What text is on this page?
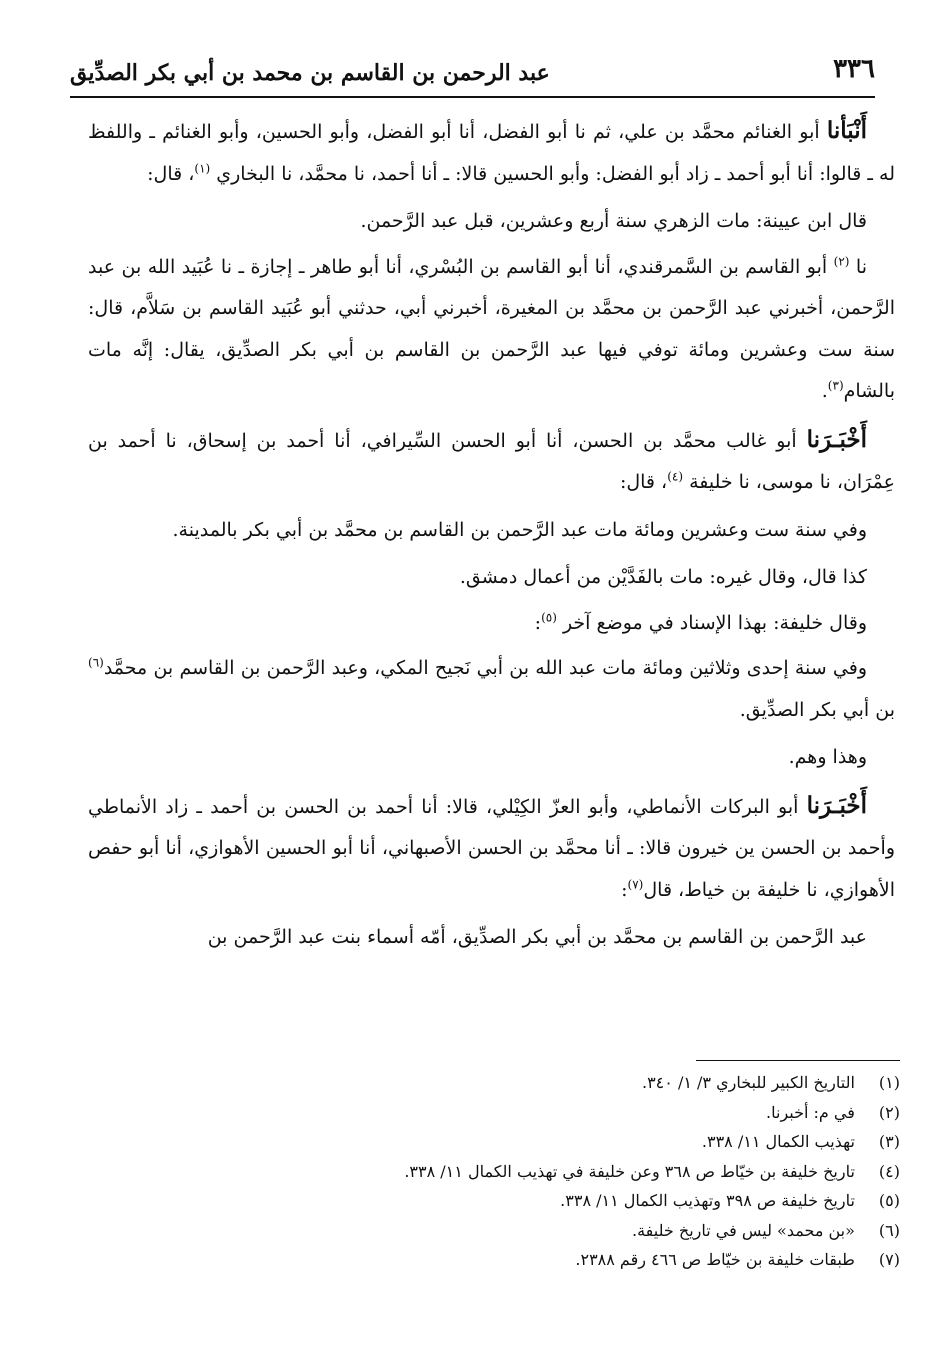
٣٣٦
عبد الرحمن بن القاسم بن محمد بن أبي بكر الصدِّيق

أَنْبَأنا أبو الغنائم محمَّد بن علي، ثم نا أبو الفضل، أنا أبو الفضل، وأبو الحسين، وأبو الغنائم ـ واللفظ له ـ قالوا: أنا أبو أحمد ـ زاد أبو الفضل: وأبو الحسين قالا: ـ أنا أحمد، نا محمَّد، نا البخاري $^{(١)}$، قال:

قال ابن عيينة: مات الزهري سنة أربع وعشرين، قبل عبد الرَّحمن.

نا $^{(٢)}$ أبو القاسم بن السَّمرقندي، أنا أبو القاسم بن البُسْري، أنا أبو طاهر ـ إجازة ـ نا عُبَيد الله بن عبد الرَّحمن، أخبرني عبد الرَّحمن بن محمَّد بن المغيرة، أخبرني أبي، حدثني أبو عُبَيد القاسم بن سَلاَّم، قال: سنة ست وعشرين ومائة توفي فيها عبد الرَّحمن بن القاسم بن أبي بكر الصدِّيق، يقال: إنَّه مات بالشام$^{(٣)}$.

أَخْبَـرَنا أبو غالب محمَّد بن الحسن، أنا أبو الحسن السِّيرافي، أنا أحمد بن إسحاق، نا أحمد بن عِمْرَان، نا موسى، نا خليفة $^{(٤)}$، قال:

وفي سنة ست وعشرين ومائة مات عبد الرَّحمن بن القاسم بن محمَّد بن أبي بكر بالمدينة.

كذا قال، وقال غيره: مات بالفَدَّيْن من أعمال دمشق.

وقال خليفة: بهذا الإسناد في موضع آخر $^{(٥)}$:

وفي سنة إحدى وثلاثين ومائة مات عبد الله بن أبي نَجيح المكي، وعبد الرَّحمن بن القاسم بن محمَّد$^{(٦)}$ بن أبي بكر الصدِّيق.

وهذا وهم.

أَخْبَـرَنا أبو البركات الأنماطي، وأبو العزّ الكِيْلي، قالا: أنا أحمد بن الحسن بن أحمد ـ زاد الأنماطي وأحمد بن الحسن ين خيرون قالا: ـ أنا محمَّد بن الحسن الأصبهاني، أنا أبو الحسين الأهوازي، أنا أبو حفص الأهوازي، نا خليفة بن خياط، قال$^{(٧)}$:

عبد الرَّحمن بن القاسم بن محمَّد بن أبي بكر الصدِّيق، أمّه أسماء بنت عبد الرَّحمن بن

(١) التاريخ الكبير للبخاري ٣/ ١/ ٣٤٠.
(٢) في م: أخبرنا.
(٣) تهذيب الكمال ١١/ ٣٣٨.
(٤) تاريخ خليفة بن خيّاط ص ٣٦٨ وعن خليفة في تهذيب الكمال ١١/ ٣٣٨.
(٥) تاريخ خليفة ص ٣٩٨ وتهذيب الكمال ١١/ ٣٣٨.
(٦) «بن محمد» ليس في تاريخ خليفة.
(٧) طبقات خليفة بن خيّاط ص ٤٦٦ رقم ٢٣٨٨.
